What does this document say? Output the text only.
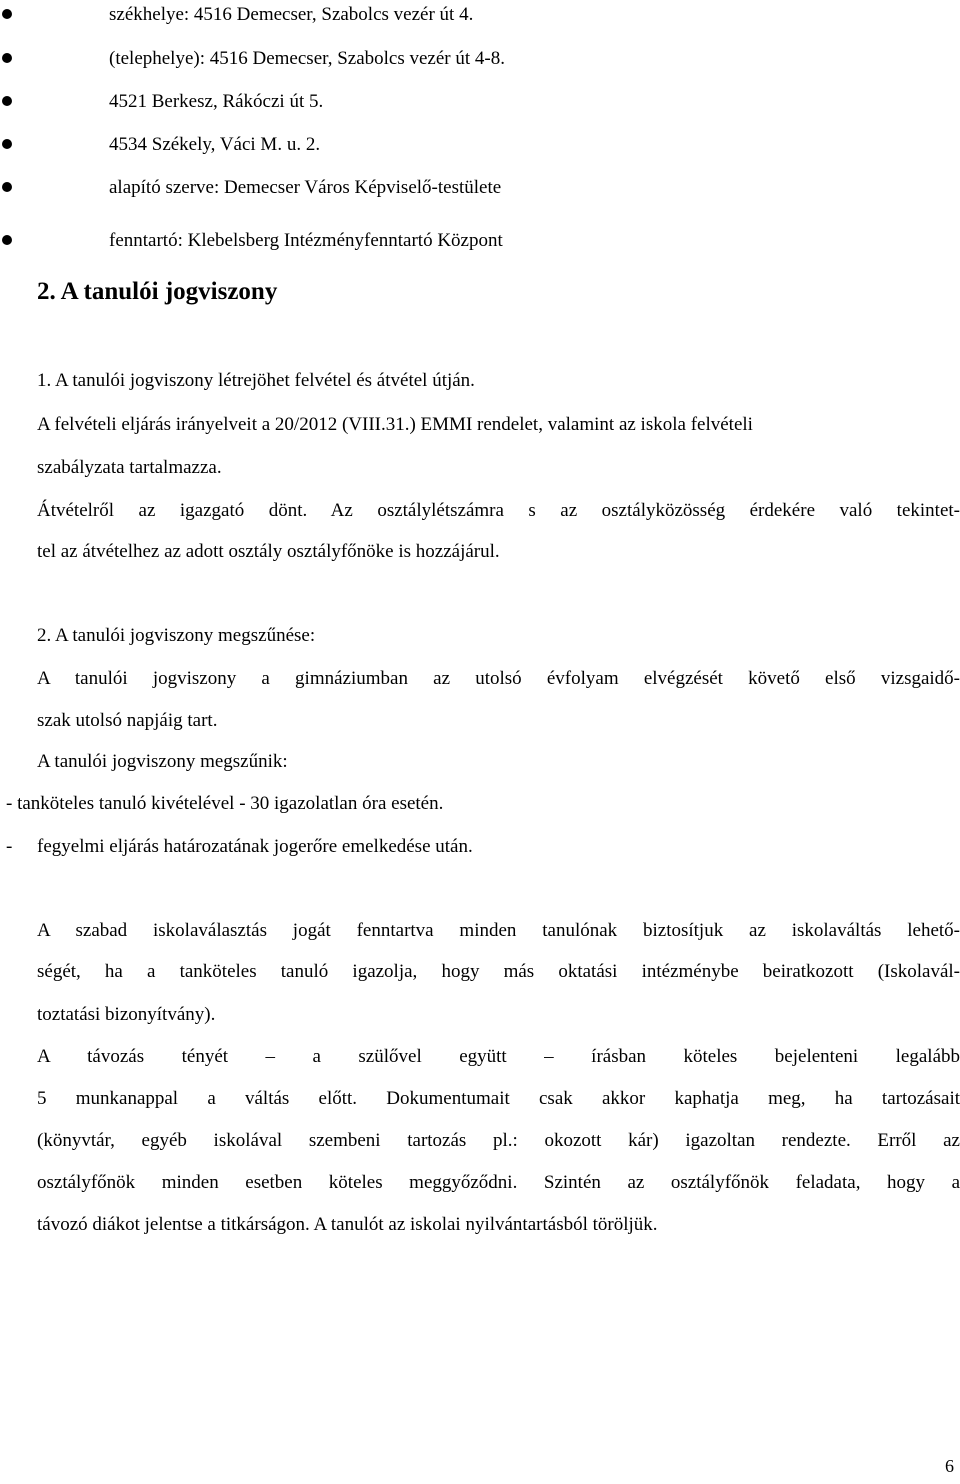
székhelye: 4516 Demecser, Szabolcs vezér út 4.
(telephelye): 4516 Demecser, Szabolcs vezér út 4-8.
4521 Berkesz, Rákóczi út 5.
4534 Székely, Váci M. u. 2.
alapító szerve: Demecser Város Képviselő-testülete
fenntartó: Klebelsberg Intézményfenntartó Központ
2. A tanulói jogviszony
1. A tanulói jogviszony létrejöhet felvétel és átvétel útján.
A felvételi eljárás irányelveit a 20/2012 (VIII.31.) EMMI rendelet, valamint az iskola felvételi
szabályzata tartalmazza.
Átvételről az igazgató dönt. Az osztálylétszámra s az osztályközösség érdekére való tekintet-
tel az átvételhez az adott osztály osztályfőnöke is hozzájárul.
2. A tanulói jogviszony megszűnése:
A tanulói jogviszony a gimnáziumban az utolsó évfolyam elvégzését követő első vizsgaidő-
szak utolsó napjáig tart.
A tanulói jogviszony megszűnik:
- tanköteles tanuló kivételével - 30 igazolatlan óra esetén.
- fegyelmi eljárás határozatának jogerőre emelkedése után.
A szabad iskolaválasztás jogát fenntartva minden tanulónak biztosítjuk az iskolaváltás lehető-
ségét, ha a tanköteles tanuló igazolja, hogy más oktatási intézménybe beiratkozott (Iskolavál-
toztatási bizonyítvány).
A távozás tényét – a szülővel együtt – írásban köteles bejelenteni legalább
5 munkanappal a váltás előtt. Dokumentumait csak akkor kaphatja meg, ha tartozásait
(könyvtár, egyéb iskolával szembeni tartozás pl.: okozott kár) igazoltan rendezte. Erről az
osztályfőnök minden esetben köteles meggyőződni. Szintén az osztályfőnök feladata, hogy a
távozó diákot jelentse a titkárságon. A tanulót az iskolai nyilvántartásból töröljük.
6
